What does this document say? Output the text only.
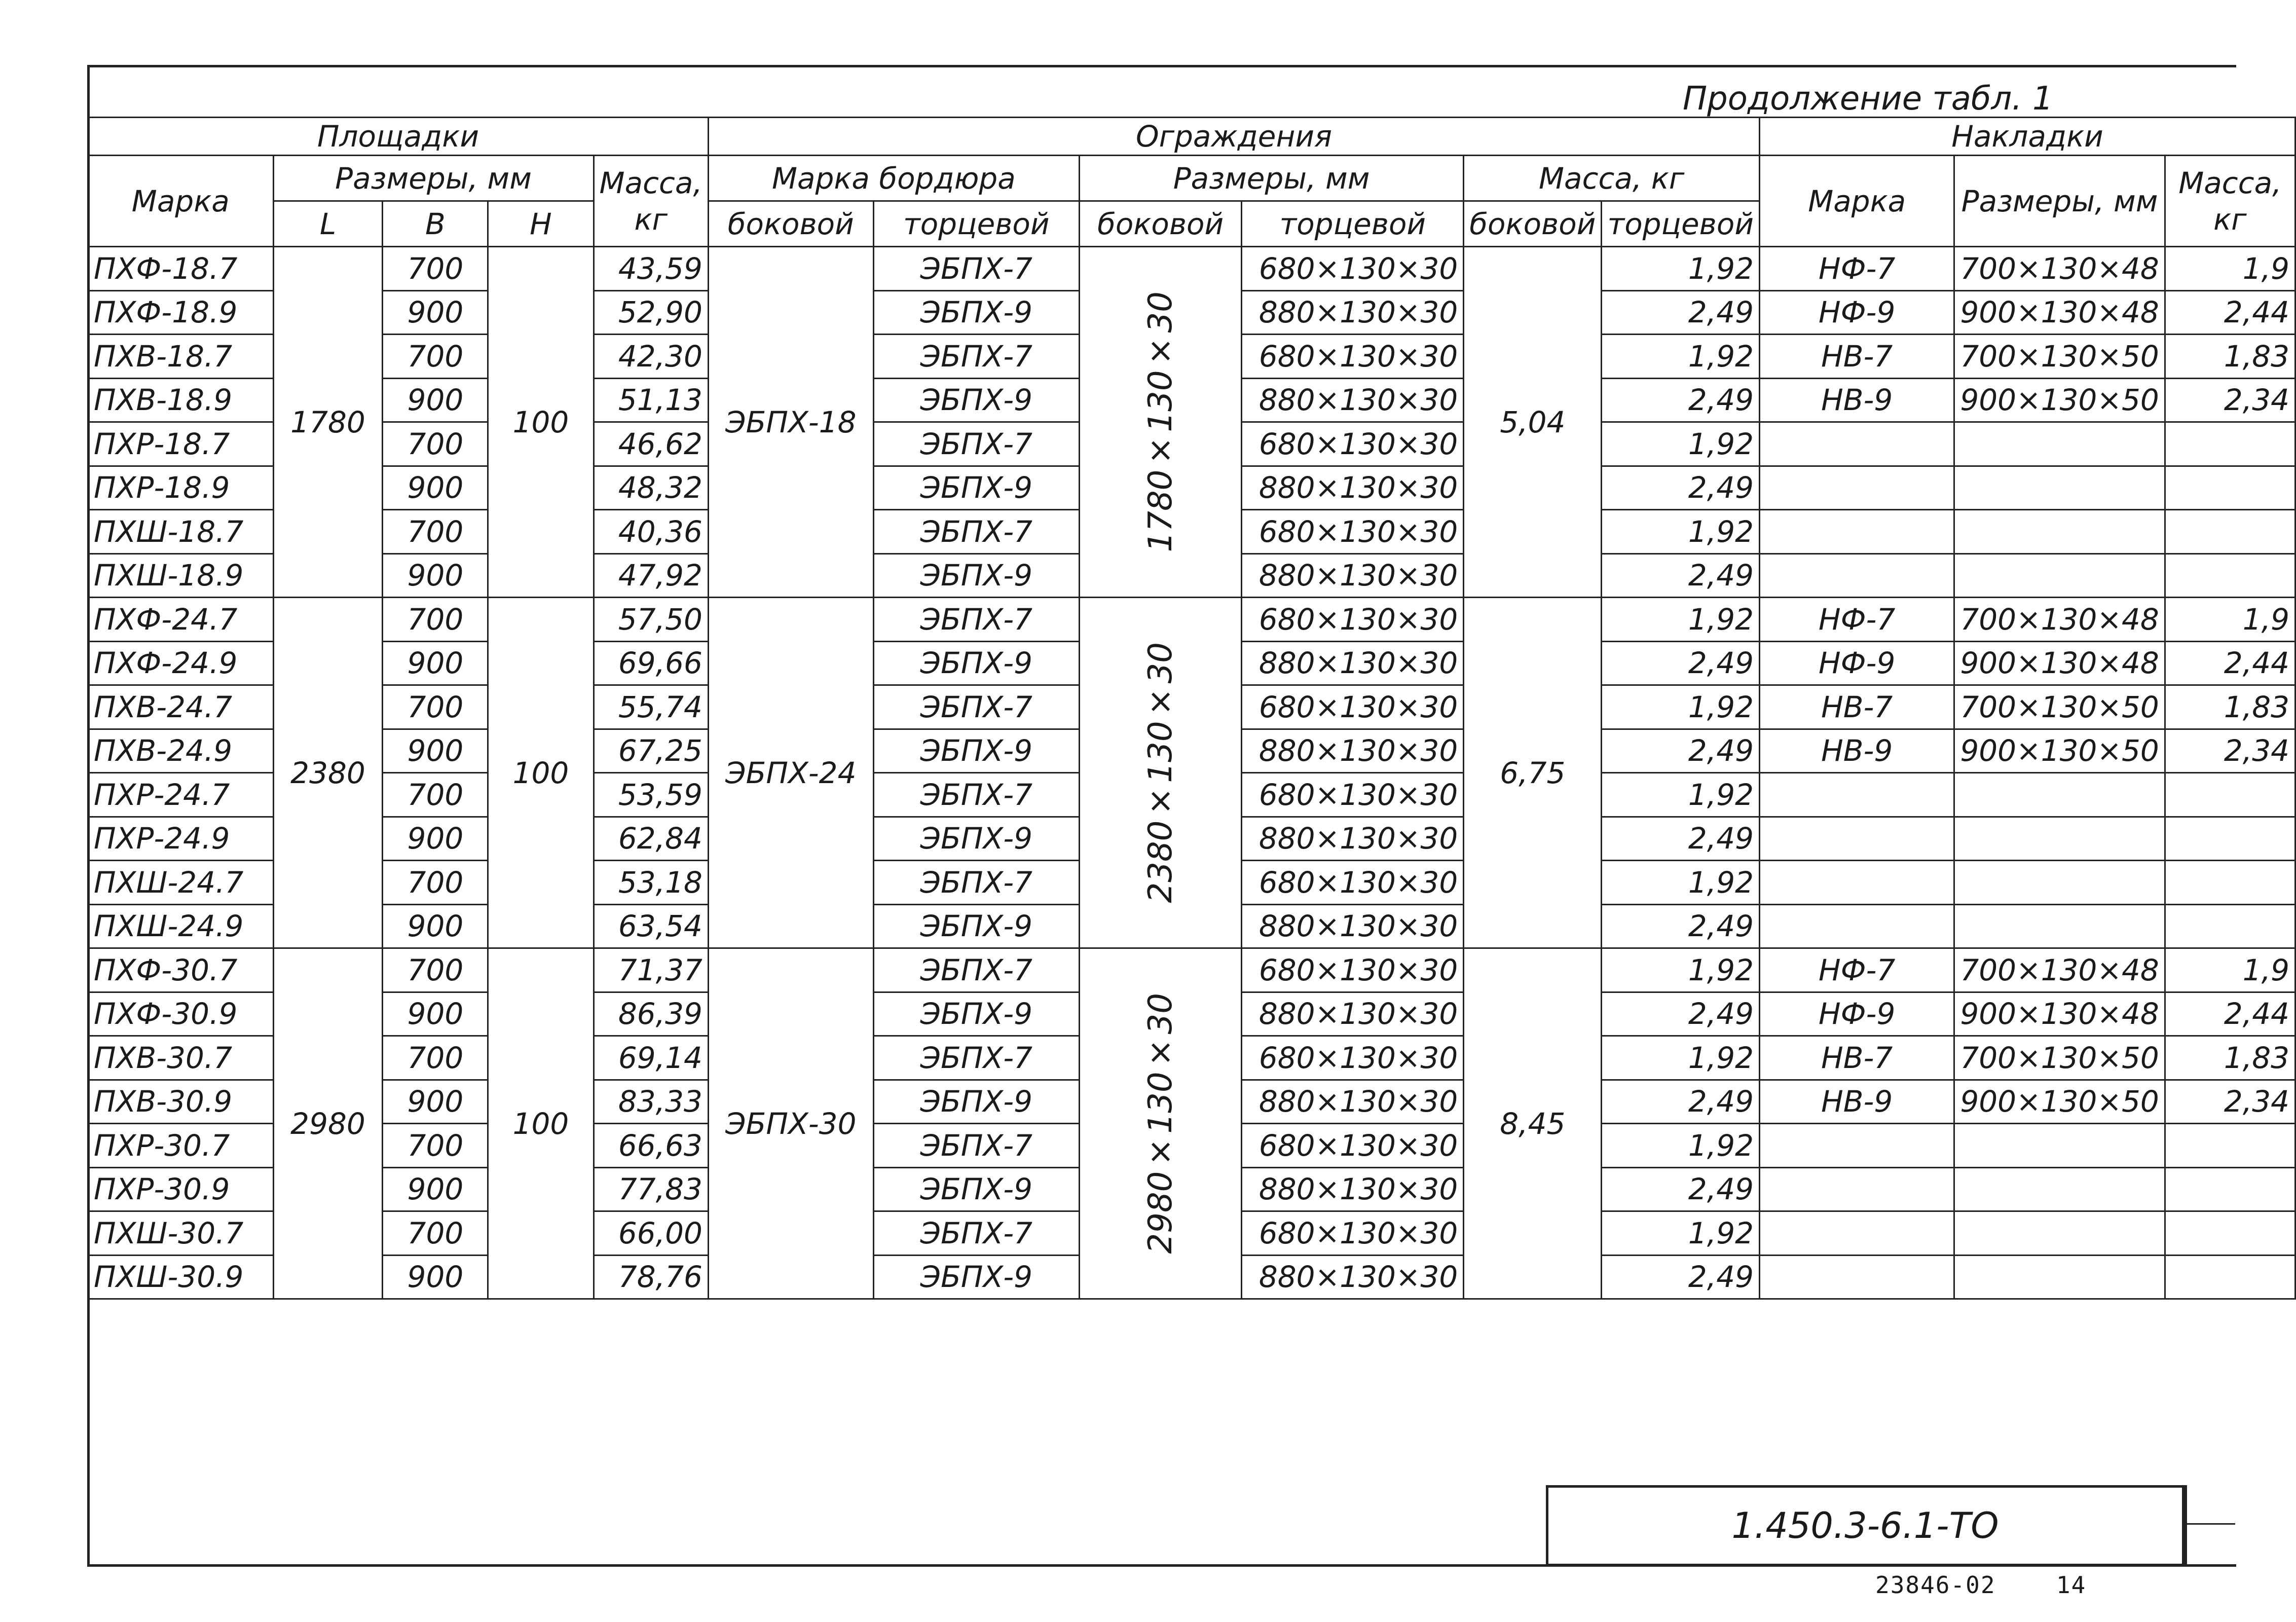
Продолжение табл. 1
Площадки					Ограждения						Накладки		
Марка	Размеры, мм			Масса, кг	Марка бордюра		Размеры, мм		Масса, кг		Марка	Размеры, мм	Масса, кг
	L	B	H		боковой	торцевой	боковой	торцевой	боковой	торцевой			
ПХФ-18.7	1780	700	100	43,59	ЭБПХ-18	ЭБПХ-7	1780×130×30	680×130×30	5,04	1,92	НФ-7	700×130×48	1,9
ПХФ-18.9		900		52,90		ЭБПХ-9		880×130×30		2,49	НФ-9	900×130×48	2,44
ПХВ-18.7		700		42,30		ЭБПХ-7		680×130×30		1,92	НВ-7	700×130×50	1,83
ПХВ-18.9		900		51,13		ЭБПХ-9		880×130×30		2,49	НВ-9	900×130×50	2,34
ПХР-18.7		700		46,62		ЭБПХ-7		680×130×30		1,92			
ПХР-18.9		900		48,32		ЭБПХ-9		880×130×30		2,49			
ПХШ-18.7		700		40,36		ЭБПХ-7		680×130×30		1,92			
ПХШ-18.9		900		47,92		ЭБПХ-9		880×130×30		2,49			
ПХФ-24.7	2380	700	100	57,50	ЭБПХ-24	ЭБПХ-7	2380×130×30	680×130×30	6,75	1,92	НФ-7	700×130×48	1,9
ПХФ-24.9		900		69,66		ЭБПХ-9		880×130×30		2,49	НФ-9	900×130×48	2,44
ПХВ-24.7		700		55,74		ЭБПХ-7		680×130×30		1,92	НВ-7	700×130×50	1,83
ПХВ-24.9		900		67,25		ЭБПХ-9		880×130×30		2,49	НВ-9	900×130×50	2,34
ПХР-24.7		700		53,59		ЭБПХ-7		680×130×30		1,92			
ПХР-24.9		900		62,84		ЭБПХ-9		880×130×30		2,49			
ПХШ-24.7		700		53,18		ЭБПХ-7		680×130×30		1,92			
ПХШ-24.9		900		63,54		ЭБПХ-9		880×130×30		2,49			
ПХФ-30.7	2980	700	100	71,37	ЭБПХ-30	ЭБПХ-7	2980×130×30	680×130×30	8,45	1,92	НФ-7	700×130×48	1,9
ПХФ-30.9		900		86,39		ЭБПХ-9		880×130×30		2,49	НФ-9	900×130×48	2,44
ПХВ-30.7		700		69,14		ЭБПХ-7		680×130×30		1,92	НВ-7	700×130×50	1,83
ПХВ-30.9		900		83,33		ЭБПХ-9		880×130×30		2,49	НВ-9	900×130×50	2,34
ПХР-30.7		700		66,63		ЭБПХ-7		680×130×30		1,92			
ПХР-30.9		900		77,83		ЭБПХ-9		880×130×30		2,49			
ПХШ-30.7		700		66,00		ЭБПХ-7		680×130×30		1,92			
ПХШ-30.9		900		78,76		ЭБПХ-9		880×130×30		2,49			
1.450.3-6.1-ТО
23846-02	14
